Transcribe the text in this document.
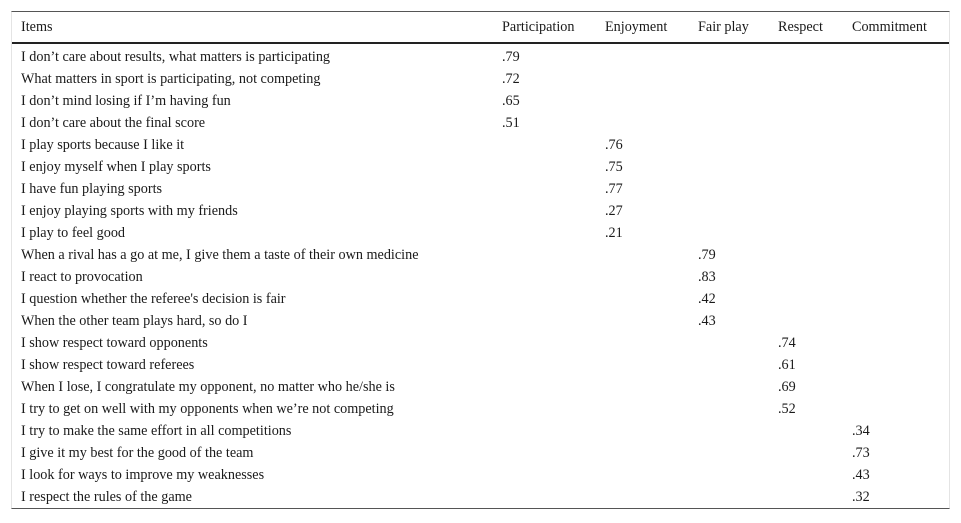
Items	Participation	Enjoyment	Fair play	Respect	Commitment
I don’t care about results, what matters is participating	.79				
What matters in sport is participating, not competing	.72				
I don’t mind losing if I’m having fun	.65				
I don’t care about the final score	.51				
I play sports because I like it		.76			
I enjoy myself when I play sports		.75			
I have fun playing sports		.77			
I enjoy playing sports with my friends		.27			
I play to feel good		.21			
When a rival has a go at me, I give them a taste of their own medicine			.79		
I react to provocation			.83		
I question whether the referee's decision is fair			.42		
When the other team plays hard, so do I			.43		
I show respect toward opponents				.74	
I show respect toward referees				.61	
When I lose, I congratulate my opponent, no matter who he/she is				.69	
I try to get on well with my opponents when we’re not competing				.52	
I try to make the same effort in all competitions					.34
I give it my best for the good of the team					.73
I look for ways to improve my weaknesses					.43
I respect the rules of the game					.32
